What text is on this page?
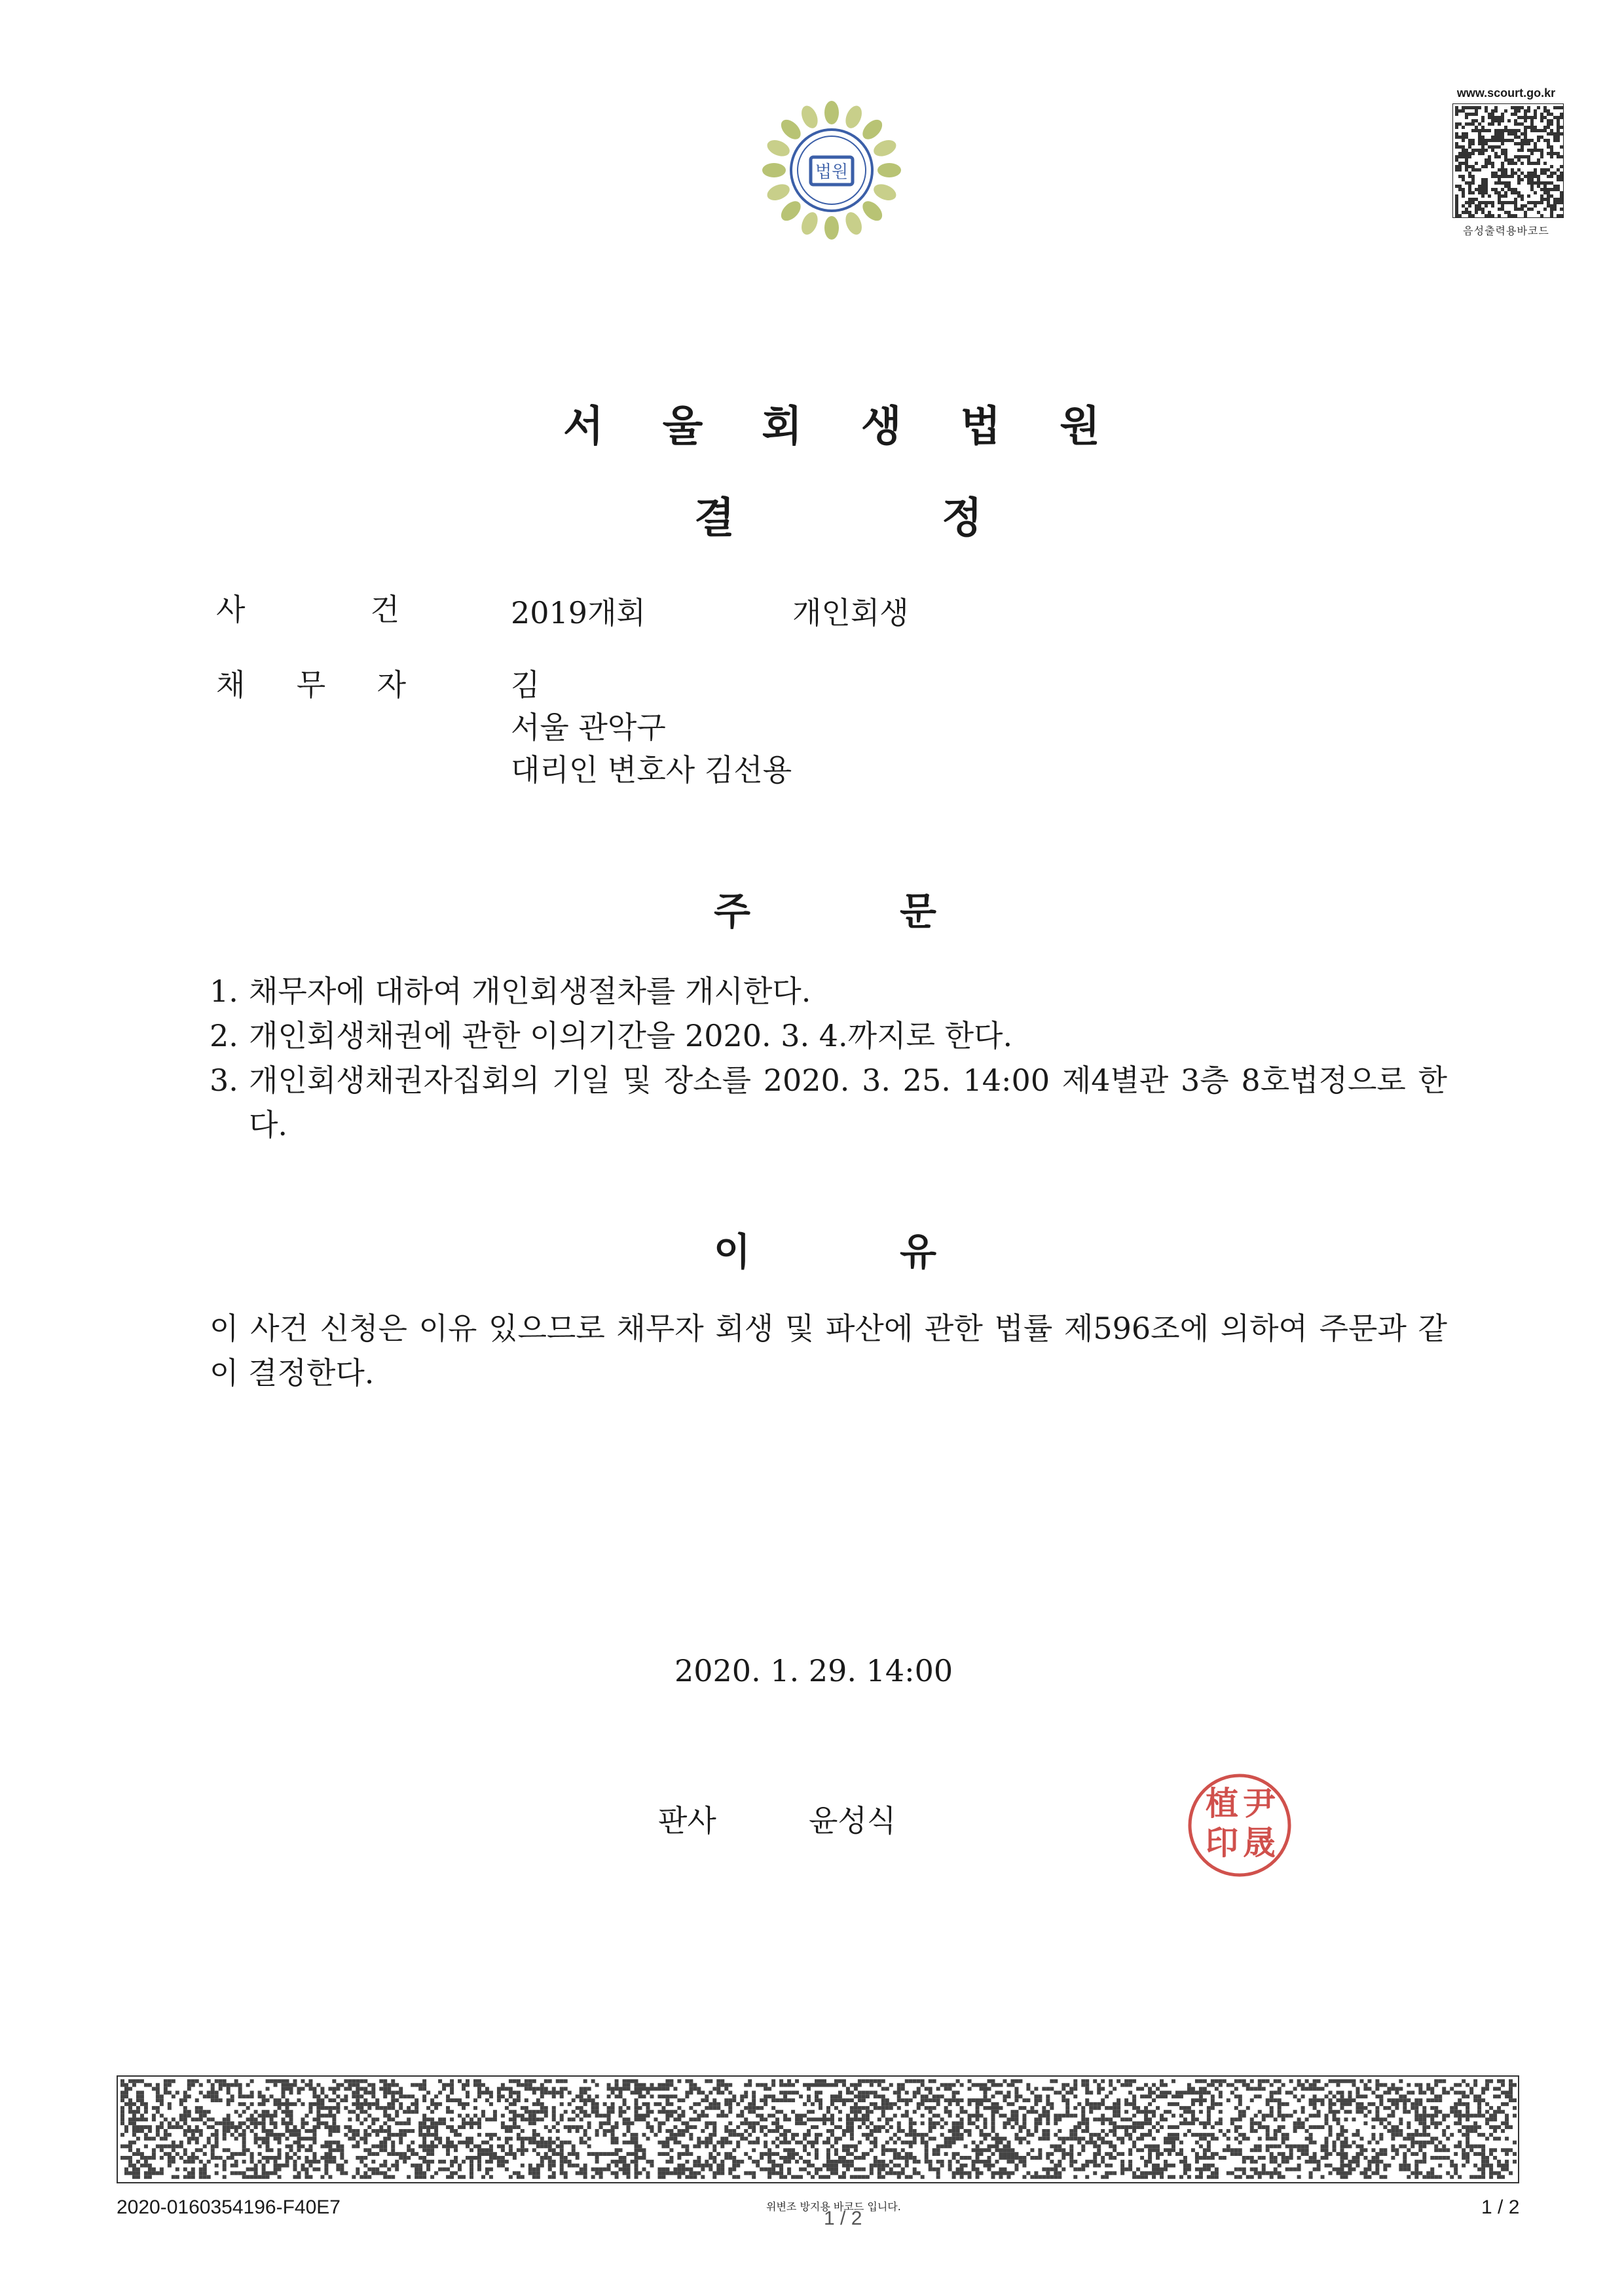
법원
www.scourt.go.kr
음성출력용바코드
서 울 회 생 법 원
결	정
사	건	2019개회	개인회생
채 무 자	김
서울 관악구
대리인 변호사 김선용
주	문
1. 채무자에 대하여 개인회생절차를 개시한다.
2. 개인회생채권에 관한 이의기간을 2020. 3. 4.까지로 한다.
3. 개인회생채권자집회의 기일 및 장소를 2020. 3. 25. 14:00 제4별관 3층 8호법정으로 한다.
이	유
이 사건 신청은 이유 있으므로 채무자 회생 및 파산에 관한 법률 제596조에 의하여 주문과 같이 결정한다.
2020. 1. 29. 14:00
판사	윤성식	尹
晟
植
印
2020-0160354196-F40E7	위변조 방지용 바코드 입니다.
1 / 2
1 / 2
